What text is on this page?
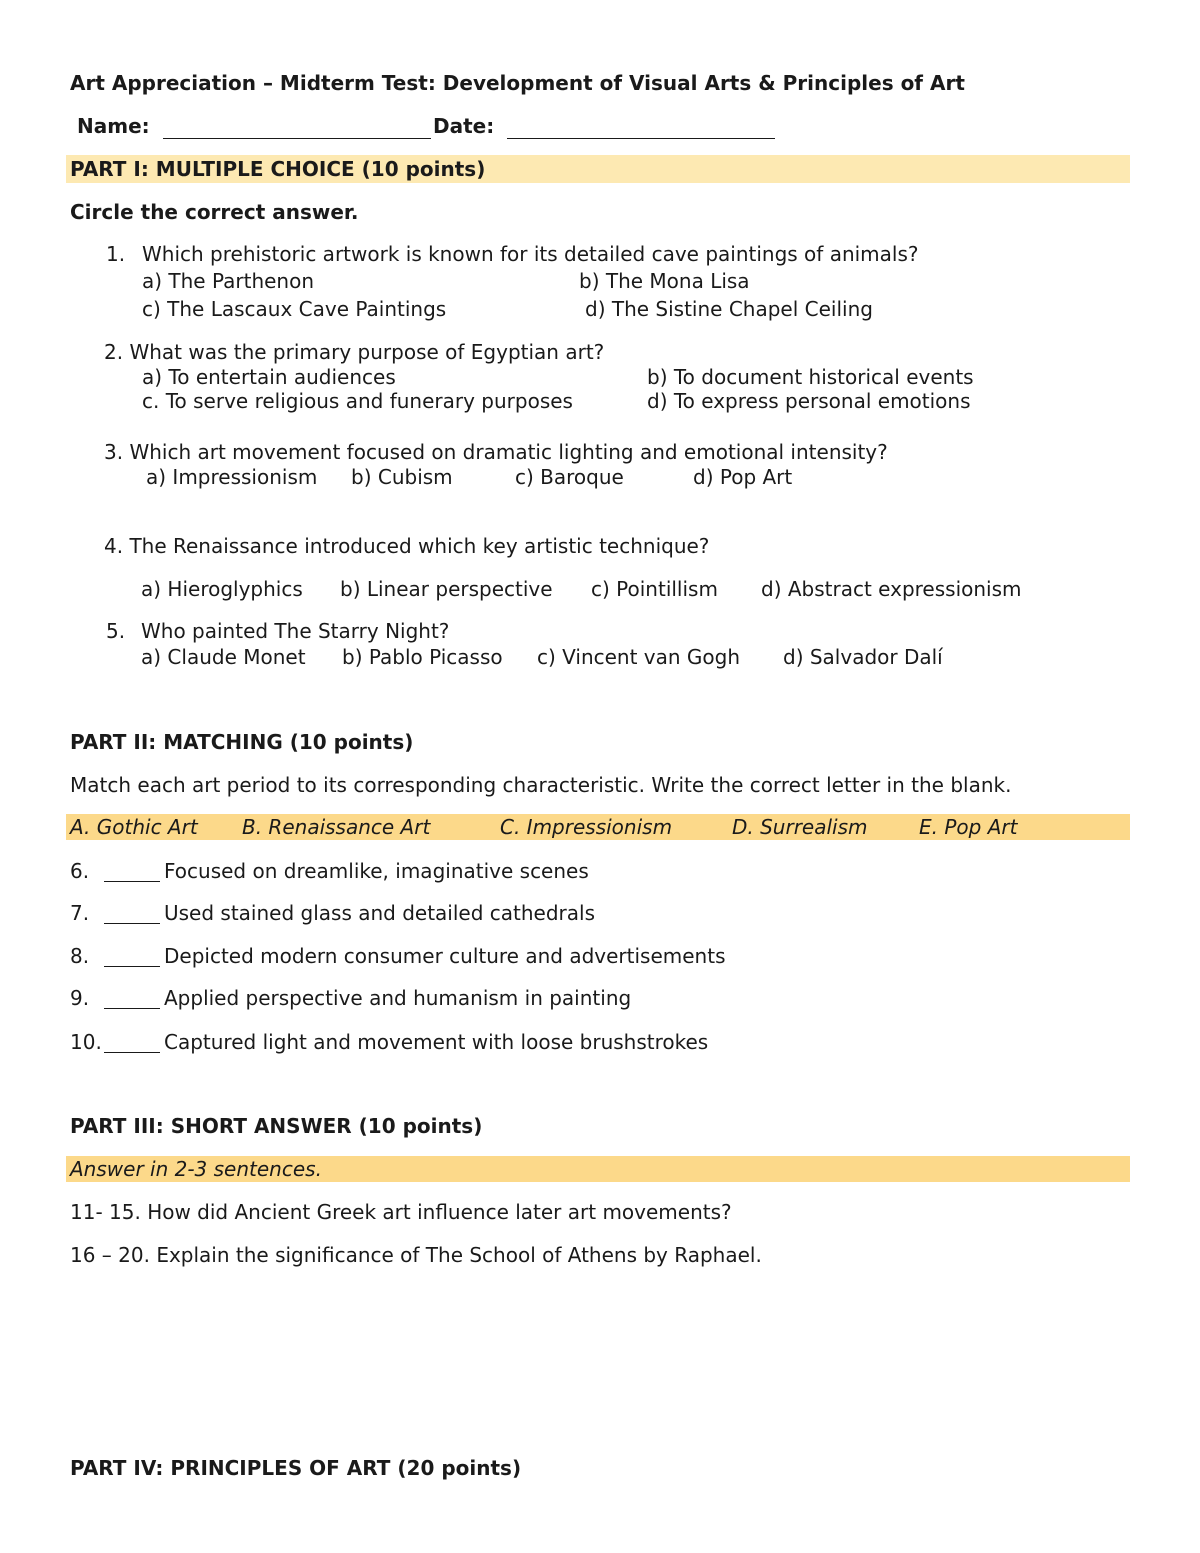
Art Appreciation – Midterm Test: Development of Visual Arts & Principles of Art
Name:	Date:
PART I: MULTIPLE CHOICE (10 points)
Circle the correct answer.
1. Which prehistoric artwork is known for its detailed cave paintings of animals?
a) The Parthenon	b) The Mona Lisa
c) The Lascaux Cave Paintings	d) The Sistine Chapel Ceiling
2. What was the primary purpose of Egyptian art?
a) To entertain audiences	b) To document historical events
c. To serve religious and funerary purposes	d) To express personal emotions
3. Which art movement focused on dramatic lighting and emotional intensity?
a) Impressionism b) Cubism	c) Baroque	d) Pop Art
4. The Renaissance introduced which key artistic technique?
a) Hieroglyphics b) Linear perspective c) Pointillism d) Abstract expressionism
5. Who painted The Starry Night?
a) Claude Monet b) Pablo Picasso c) Vincent van Gogh d) Salvador Dalí
PART II: MATCHING (10 points)
Match each art period to its corresponding characteristic. Write the correct letter in the blank.
A. Gothic Art B. Renaissance Art	C. Impressionism	D. Surrealism	E. Pop Art
6.	Focused on dreamlike, imaginative scenes
7.	Used stained glass and detailed cathedrals
8.	Depicted modern consumer culture and advertisements
9.	Applied perspective and humanism in painting
10.	Captured light and movement with loose brushstrokes
PART III: SHORT ANSWER (10 points)
Answer in 2-3 sentences.
11- 15. How did Ancient Greek art influence later art movements?
16 – 20. Explain the significance of The School of Athens by Raphael.
PART IV: PRINCIPLES OF ART (20 points)
